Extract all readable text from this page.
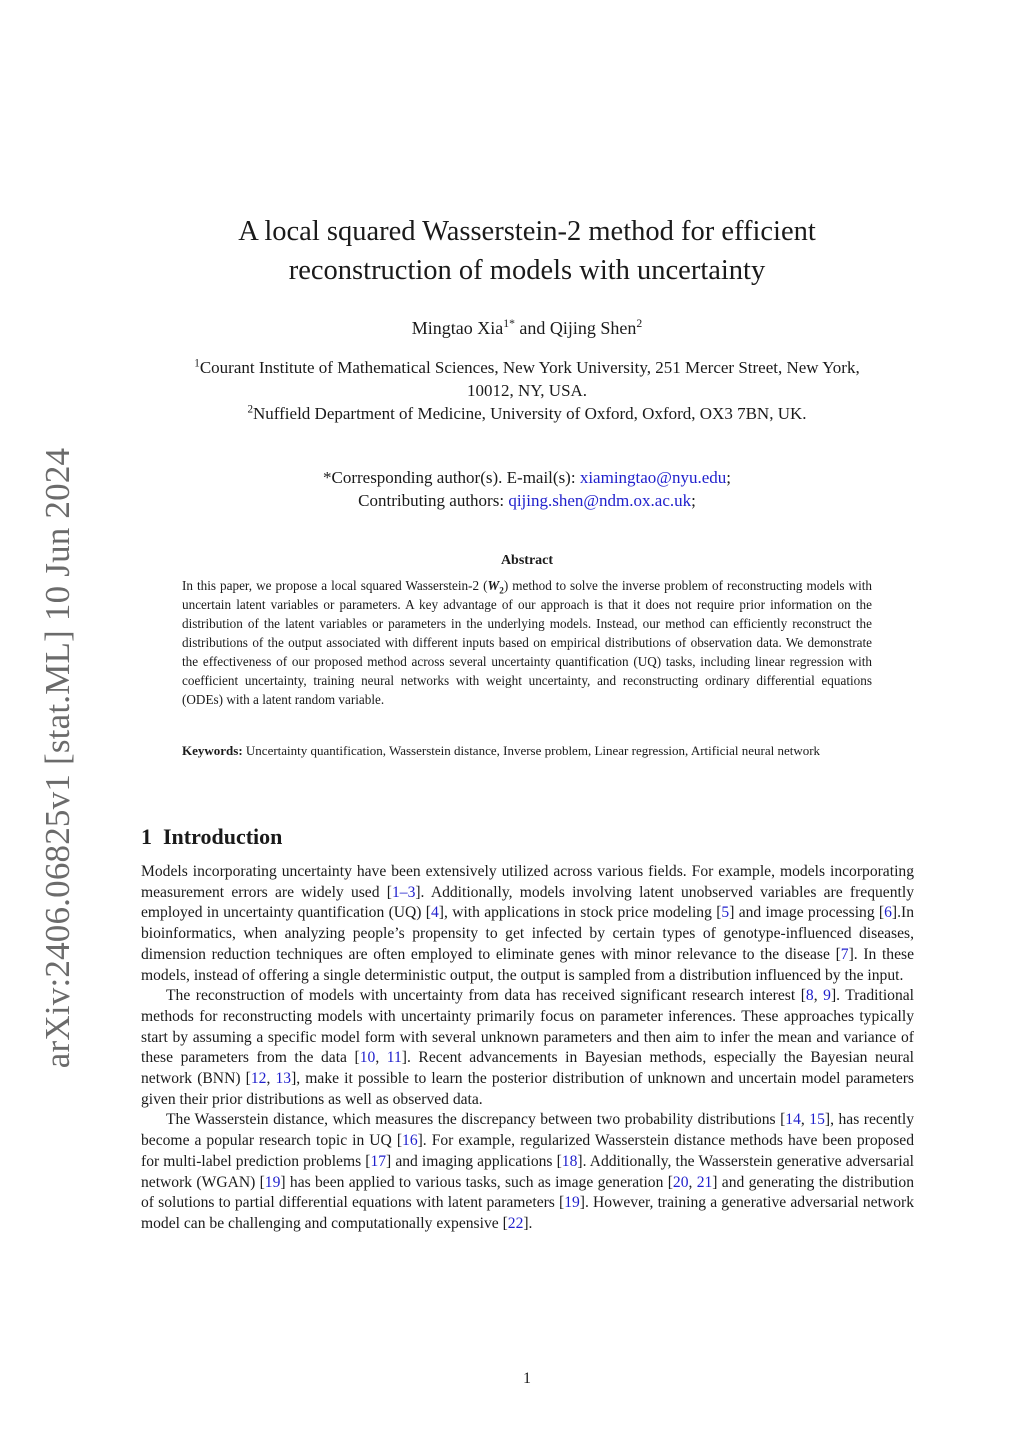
arXiv:2406.06825v1 [stat.ML] 10 Jun 2024
A local squared Wasserstein-2 method for efficient
reconstruction of models with uncertainty
Mingtao Xia$^{1*}$ and Qijing Shen$^2$
$^1$Courant Institute of Mathematical Sciences, New York University, 251 Mercer Street, New York,
10012, NY, USA.
$^2$Nuffield Department of Medicine, University of Oxford, Oxford, OX3 7BN, UK.
*Corresponding author(s). E-mail(s): xiamingtao@nyu.edu;
Contributing authors: qijing.shen@ndm.ox.ac.uk;
Abstract
In this paper, we propose a local squared Wasserstein-2 $(W_2)$ method to solve the inverse problem of reconstructing models with uncertain latent variables or parameters. A key advantage of our approach is that it does not require prior information on the distribution of the latent variables or parameters in the underlying models. Instead, our method can efficiently reconstruct the distributions of the output associated with different inputs based on empirical distributions of observation data. We demonstrate the effectiveness of our proposed method across several uncertainty quantification (UQ) tasks, including linear regression with coefficient uncertainty, training neural networks with weight uncertainty, and reconstructing ordinary differential equations (ODEs) with a latent random variable.
Keywords: Uncertainty quantification, Wasserstein distance, Inverse problem, Linear regression, Artificial neural network
1 Introduction

Models incorporating uncertainty have been extensively utilized across various fields. For example, models incorporating measurement errors are widely used [1–3]. Additionally, models involving latent unobserved variables are frequently employed in uncertainty quantification (UQ) [4], with applications in stock price modeling [5] and image processing [6].In bioinformatics, when analyzing people’s propensity to get infected by certain types of genotype-influenced diseases, dimension reduction techniques are often employed to eliminate genes with minor relevance to the disease [7]. In these models, instead of offering a single deterministic output, the output is sampled from a distribution influenced by the input.

The reconstruction of models with uncertainty from data has received significant research interest [8, 9]. Traditional methods for reconstructing models with uncertainty primarily focus on parameter inferences. These approaches typically start by assuming a specific model form with several unknown parameters and then aim to infer the mean and variance of these parameters from the data [10, 11]. Recent advancements in Bayesian methods, especially the Bayesian neural network (BNN) [12, 13], make it possible to learn the posterior distribution of unknown and uncertain model parameters given their prior distributions as well as observed data.

The Wasserstein distance, which measures the discrepancy between two probability distributions [14, 15], has recently become a popular research topic in UQ [16]. For example, regularized Wasserstein distance methods have been proposed for multi-label prediction problems [17] and imaging applications [18]. Additionally, the Wasserstein generative adversarial network (WGAN) [19] has been applied to various tasks, such as image generation [20, 21] and generating the distribution of solutions to partial differential equations with latent parameters [19]. However, training a generative adversarial network model can be challenging and computationally expensive [22].

1
